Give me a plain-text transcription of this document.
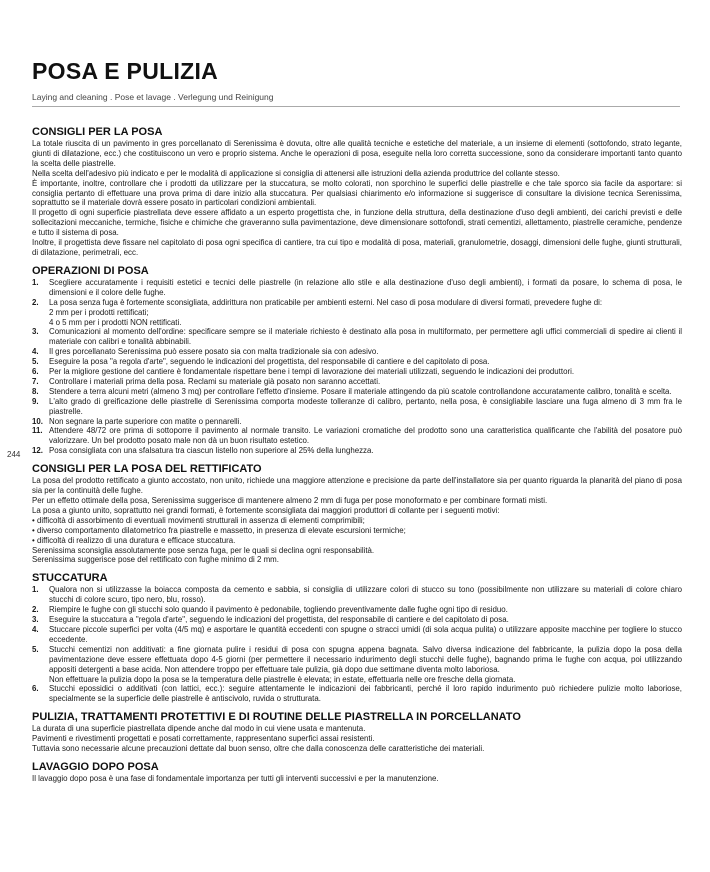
POSA E PULIZIA
Laying and cleaning . Pose et lavage . Verlegung und Reinigung
244
CONSIGLI PER LA POSA

La totale riuscita di un pavimento in gres porcellanato di Serenissima è dovuta, oltre alle qualità tecniche e estetiche del materiale, a un insieme di elementi (sottofondo, strato legante, giunti di dilatazione, ecc.) che costituiscono un vero e proprio sistema. Anche le operazioni di posa, eseguite nella loro corretta successione, sono da considerare importanti tanto quanto la scelta delle piastrelle.

Nella scelta dell'adesivo più indicato e per le modalità di applicazione si consiglia di attenersi alle istruzioni della azienda produttrice del collante stesso.

È importante, inoltre, controllare che i prodotti da utilizzare per la stuccatura, se molto colorati, non sporchino le superfici delle piastrelle e che tale sporco sia facile da asportare: si consiglia pertanto di effettuare una prova prima di dare inizio alla stuccatura. Per qualsiasi chiarimento e/o informazione si suggerisce di consultare la divisione tecnica Serenissima, soprattutto se il materiale dovrà essere posato in particolari condizioni ambientali.

Il progetto di ogni superficie piastrellata deve essere affidato a un esperto progettista che, in funzione della struttura, della destinazione d'uso degli ambienti, dei carichi previsti e delle sollecitazioni meccaniche, termiche, fisiche e chimiche che graveranno sulla pavimentazione, deve dimensionare sottofondi, strati cementizi, allettamento, piastrelle ceramiche, pendenze e tutto il sistema di posa.

Inoltre, il progettista deve fissare nel capitolato di posa ogni specifica di cantiere, tra cui tipo e modalità di posa, materiali, granulometrie, dosaggi, dimensioni delle fughe, giunti strutturali, di dilatazione, perimetrali, ecc.

OPERAZIONI DI POSA
1. Scegliere accuratamente i requisiti estetici e tecnici delle piastrelle (in relazione allo stile e alla destinazione d'uso degli ambienti), i formati da posare, lo schema di posa, le dimensioni e il colore delle fughe.
2. La posa senza fuga è fortemente sconsigliata, addirittura non praticabile per ambienti esterni. Nel caso di posa modulare di diversi formati, prevedere fughe di:
2 mm per i prodotti rettificati;
4 o 5 mm per i prodotti NON rettificati.
3. Comunicazioni al momento dell'ordine: specificare sempre se il materiale richiesto è destinato alla posa in multiformato, per permettere agli uffici commerciali di spedire ai clienti il materiale con calibri e tonalità abbinabili.
4. Il gres porcellanato Serenissima può essere posato sia con malta tradizionale sia con adesivo.
5. Eseguire la posa "a regola d'arte", seguendo le indicazioni del progettista, del responsabile di cantiere e del capitolato di posa.
6. Per la migliore gestione del cantiere è fondamentale rispettare bene i tempi di lavorazione dei materiali utilizzati, seguendo le indicazioni dei produttori.
7. Controllare i materiali prima della posa. Reclami su materiale già posato non saranno accettati.
8. Stendere a terra alcuni metri (almeno 3 mq) per controllare l'effetto d'insieme. Posare il materiale attingendo da più scatole controllandone accuratamente calibro, tonalità e scelta.
9. L'alto grado di greificazione delle piastrelle di Serenissima comporta modeste tolleranze di calibro, pertanto, nella posa, è consigliabile lasciare una fuga almeno di 3 mm fra le piastrelle.
10. Non segnare la parte superiore con matite o pennarelli.
11. Attendere 48/72 ore prima di sottoporre il pavimento al normale transito. Le variazioni cromatiche del prodotto sono una caratteristica qualificante che l'abilità del posatore può valorizzare. Un bel prodotto posato male non dà un buon risultato estetico.
12. Posa consigliata con una sfalsatura tra ciascun listello non superiore al 25% della lunghezza.
CONSIGLI PER LA POSA DEL RETTIFICATO

La posa del prodotto rettificato a giunto accostato, non unito, richiede una maggiore attenzione e precisione da parte dell'installatore sia per quanto riguarda la planarità del piano di posa sia per la continuità delle fughe.

Per un effetto ottimale della posa, Serenissima suggerisce di mantenere almeno 2 mm di fuga per pose monoformato e per combinare formati misti.

La posa a giunto unito, soprattutto nei grandi formati, è fortemente sconsigliata dai maggiori produttori di collante per i seguenti motivi:

• difficoltà di assorbimento di eventuali movimenti strutturali in assenza di elementi comprimibili;

• diverso comportamento dilatometrico fra piastrelle e massetto, in presenza di elevate escursioni termiche;

• difficoltà di realizzo di una duratura e efficace stuccatura.

Serenissima sconsiglia assolutamente pose senza fuga, per le quali si declina ogni responsabilità.

Serenissima suggerisce pose del rettificato con fughe minimo di 2 mm.

STUCCATURA
1. Qualora non si utilizzasse la boiacca composta da cemento e sabbia, si consiglia di utilizzare colori di stucco su tono (possibilmente non utilizzare su materiali di colore chiaro stucchi di colore scuro, tipo nero, blu, rosso).
2. Riempire le fughe con gli stucchi solo quando il pavimento è pedonabile, togliendo preventivamente dalle fughe ogni tipo di residuo.
3. Eseguire la stuccatura a "regola d'arte", seguendo le indicazioni del progettista, del responsabile di cantiere e del capitolato di posa.
4. Stuccare piccole superfici per volta (4/5 mq) e asportare le quantità eccedenti con spugne o stracci umidi (di sola acqua pulita) o utilizzare apposite macchine per togliere lo stucco eccedente.
5. Stucchi cementizi non additivati: a fine giornata pulire i residui di posa con spugna appena bagnata. Salvo diversa indicazione del fabbricante, la pulizia dopo la posa della pavimentazione deve essere effettuata dopo 4-5 giorni (per permettere il necessario indurimento degli stucchi delle fughe), bagnando prima le fughe con acqua, poi utilizzando appositi detergenti a base acida. Non attendere troppo per effettuare tale pulizia, già dopo due settimane diventa molto laboriosa.
Non effettuare la pulizia dopo la posa se la temperatura delle piastrelle è elevata; in estate, effettuarla nelle ore fresche della giornata.
6. Stucchi epossidici o additivati (con lattici, ecc.): seguire attentamente le indicazioni dei fabbricanti, perché il loro rapido indurimento può richiedere pulizie molto laboriose, specialmente se la superficie delle piastrelle è antiscivolo, ruvida o strutturata.
PULIZIA, TRATTAMENTI PROTETTIVI E DI ROUTINE DELLE PIASTRELLA IN PORCELLANATO

La durata di una superficie piastrellata dipende anche dal modo in cui viene usata e mantenuta.

Pavimenti e rivestimenti progettati e posati correttamente, rappresentano superfici assai resistenti.

Tuttavia sono necessarie alcune precauzioni dettate dal buon senso, oltre che dalla conoscenza delle caratteristiche dei materiali.

LAVAGGIO DOPO POSA

Il lavaggio dopo posa è una fase di fondamentale importanza per tutti gli interventi successivi e per la manutenzione.
